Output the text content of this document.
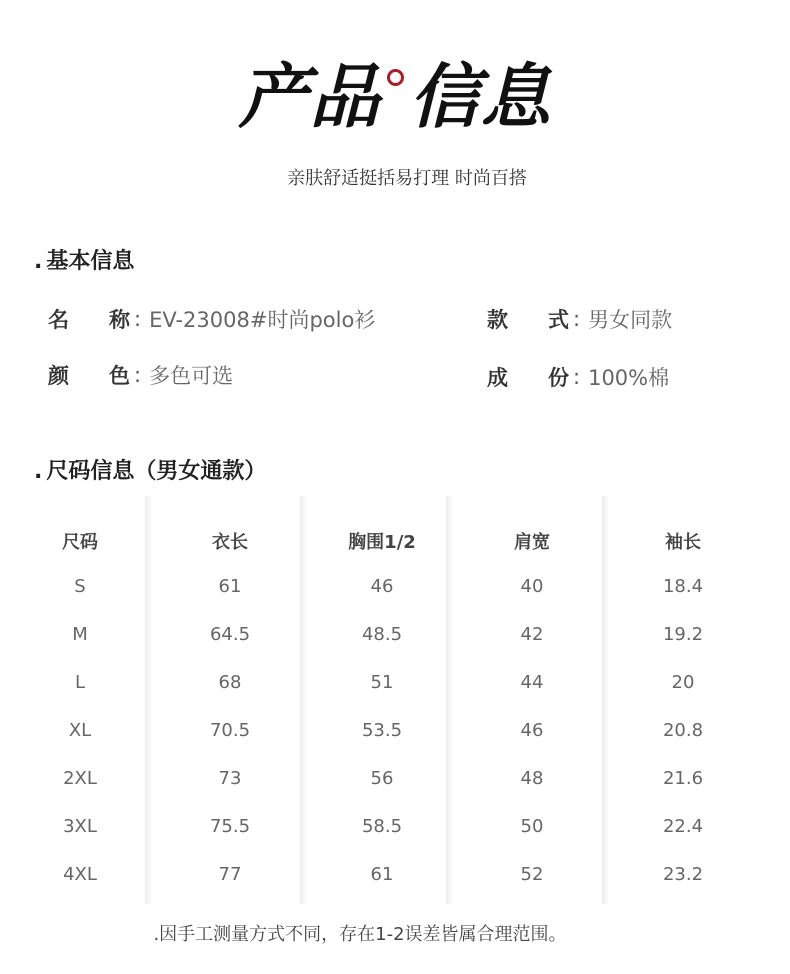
产品 信息
亲肤舒适挺括易打理 时尚百搭
. 基本信息
名称 : EV-23008#时尚polo衫	款式 : 男女同款
颜色 : 多色可选	成份 : 100%棉
. 尺码信息（男女通款）
尺码	衣长	胸围1/2	肩宽	袖长
S	61	46	40	18.4
M	64.5	48.5	42	19.2
L	68	51	44	20
XL	70.5	53.5	46	20.8
2XL	73	56	48	21.6
3XL	75.5	58.5	50	22.4
4XL	77	61	52	23.2
.因手工测量方式不同，存在1-2误差皆属合理范围。
